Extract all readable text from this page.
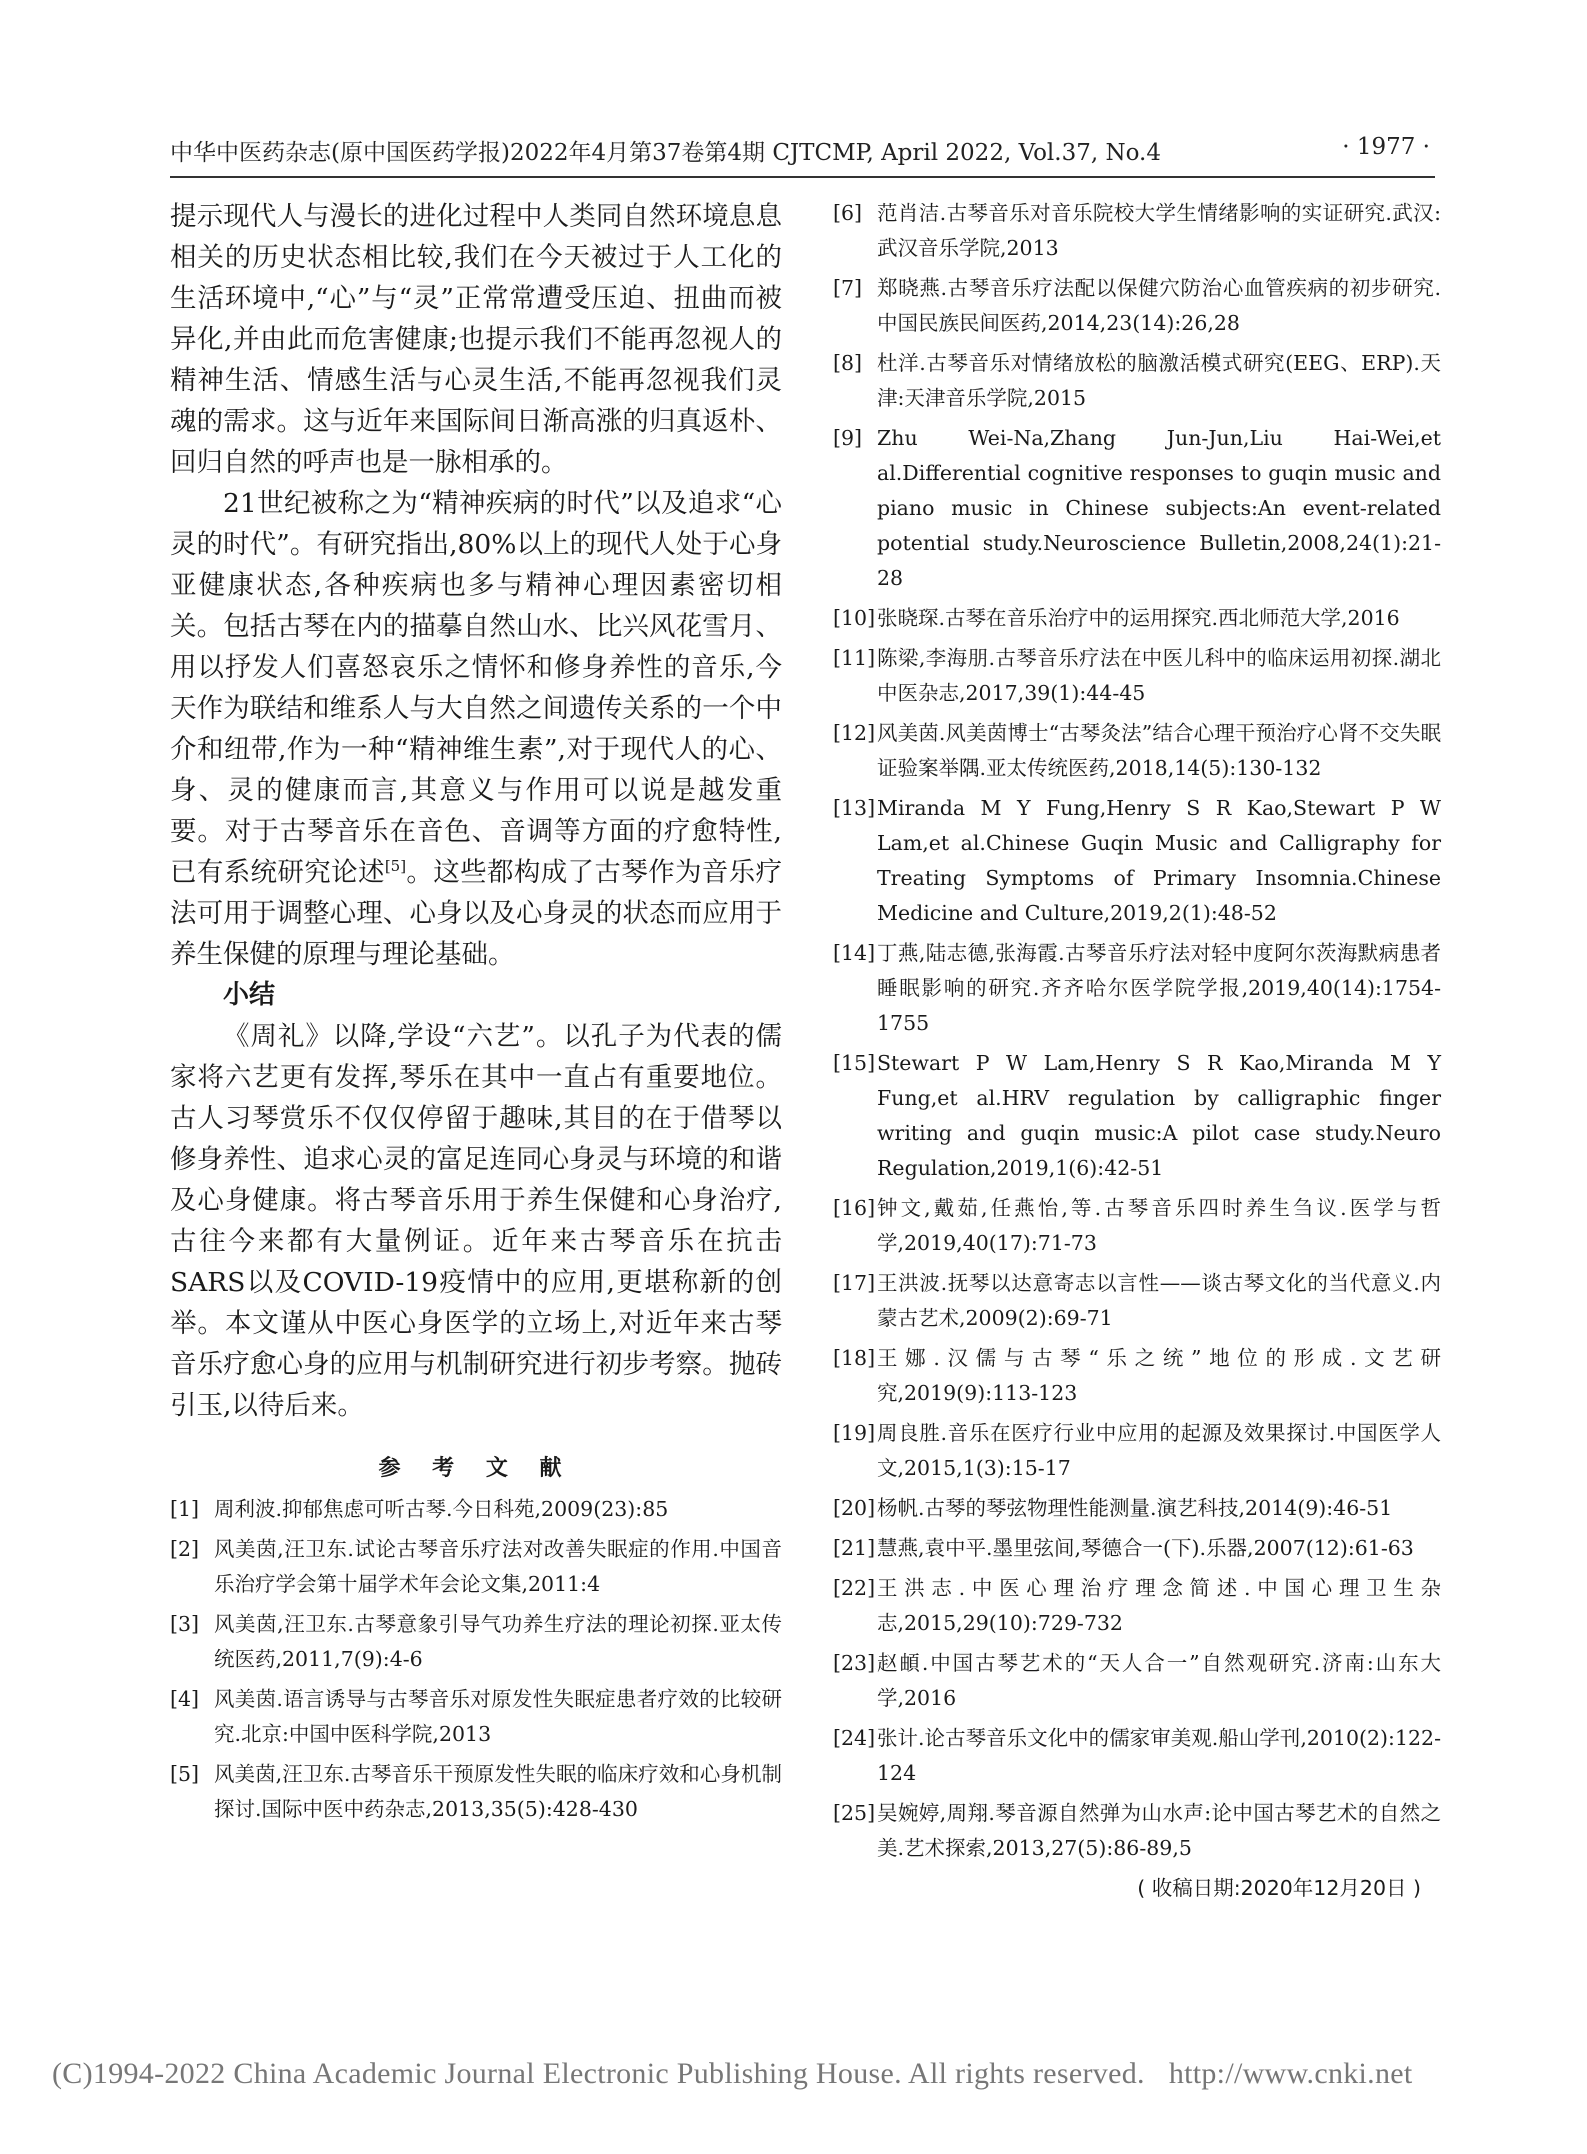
中华中医药杂志(原中国医药学报)2022年4月第37卷第4期 CJTCMP, April 2022, Vol.37, No.4	· 1977 ·

提示现代人与漫长的进化过程中人类同自然环境息息相关的历史状态相比较,我们在今天被过于人工化的生活环境中,“心”与“灵”正常常遭受压迫、扭曲而被异化,并由此而危害健康;也提示我们不能再忽视人的精神生活、情感生活与心灵生活,不能再忽视我们灵魂的需求。这与近年来国际间日渐高涨的归真返朴、回归自然的呼声也是一脉相承的。

21世纪被称之为“精神疾病的时代”以及追求“心灵的时代”。有研究指出,80%以上的现代人处于心身亚健康状态,各种疾病也多与精神心理因素密切相关。包括古琴在内的描摹自然山水、比兴风花雪月、用以抒发人们喜怒哀乐之情怀和修身养性的音乐,今天作为联结和维系人与大自然之间遗传关系的一个中介和纽带,作为一种“精神维生素”,对于现代人的心、身、灵的健康而言,其意义与作用可以说是越发重要。对于古琴音乐在音色、音调等方面的疗愈特性,已有系统研究论述[5]。这些都构成了古琴作为音乐疗法可用于调整心理、心身以及心身灵的状态而应用于养生保健的原理与理论基础。

小结

《周礼》以降,学设“六艺”。以孔子为代表的儒家将六艺更有发挥,琴乐在其中一直占有重要地位。古人习琴赏乐不仅仅停留于趣味,其目的在于借琴以修身养性、追求心灵的富足连同心身灵与环境的和谐及心身健康。将古琴音乐用于养生保健和心身治疗,古往今来都有大量例证。近年来古琴音乐在抗击SARS以及COVID-19疫情中的应用,更堪称新的创举。本文谨从中医心身医学的立场上,对近年来古琴音乐疗愈心身的应用与机制研究进行初步考察。抛砖引玉,以待后来。

参 考 文 献
[1] 周利波.抑郁焦虑可听古琴.今日科苑,2009(23):85
[2] 风美茵,汪卫东.试论古琴音乐疗法对改善失眠症的作用.中国音乐治疗学会第十届学术年会论文集,2011:4
[3] 风美茵,汪卫东.古琴意象引导气功养生疗法的理论初探.亚太传统医药,2011,7(9):4-6
[4] 风美茵.语言诱导与古琴音乐对原发性失眠症患者疗效的比较研究.北京:中国中医科学院,2013
[5] 风美茵,汪卫东.古琴音乐干预原发性失眠的临床疗效和心身机制探讨.国际中医中药杂志,2013,35(5):428-430
[6] 范肖洁.古琴音乐对音乐院校大学生情绪影响的实证研究.武汉:武汉音乐学院,2013
[7] 郑晓燕.古琴音乐疗法配以保健穴防治心血管疾病的初步研究.中国民族民间医药,2014,23(14):26,28
[8] 杜洋.古琴音乐对情绪放松的脑激活模式研究(EEG、ERP).天津:天津音乐学院,2015
[9] Zhu Wei-Na,Zhang Jun-Jun,Liu Hai-Wei,et al.Differential cognitive responses to guqin music and piano music in Chinese subjects:An event-related potential study.Neuroscience Bulletin,2008,24(1):21-28
[10] 张晓琛.古琴在音乐治疗中的运用探究.西北师范大学,2016
[11] 陈梁,李海朋.古琴音乐疗法在中医儿科中的临床运用初探.湖北中医杂志,2017,39(1):44-45
[12] 风美茵.风美茵博士“古琴灸法”结合心理干预治疗心肾不交失眠证验案举隅.亚太传统医药,2018,14(5):130-132
[13] Miranda M Y Fung,Henry S R Kao,Stewart P W Lam,et al.Chinese Guqin Music and Calligraphy for Treating Symptoms of Primary Insomnia.Chinese Medicine and Culture,2019,2(1):48-52
[14] 丁燕,陆志德,张海霞.古琴音乐疗法对轻中度阿尔茨海默病患者睡眠影响的研究.齐齐哈尔医学院学报,2019,40(14):1754-1755
[15] Stewart P W Lam,Henry S R Kao,Miranda M Y Fung,et al.HRV regulation by calligraphic finger writing and guqin music:A pilot case study.Neuro Regulation,2019,1(6):42-51
[16] 钟文,戴茹,任燕怡,等.古琴音乐四时养生刍议.医学与哲学,2019,40(17):71-73
[17] 王洪波.抚琴以达意寄志以言性——谈古琴文化的当代意义.内蒙古艺术,2009(2):69-71
[18] 王娜.汉儒与古琴“乐之统”地位的形成.文艺研究,2019(9):113-123
[19] 周良胜.音乐在医疗行业中应用的起源及效果探讨.中国医学人文,2015,1(3):15-17
[20] 杨帆.古琴的琴弦物理性能测量.演艺科技,2014(9):46-51
[21] 慧燕,袁中平.墨里弦间,琴德合一(下).乐器,2007(12):61-63
[22] 王洪志.中医心理治疗理念简述.中国心理卫生杂志,2015,29(10):729-732
[23] 赵頔.中国古琴艺术的“天人合一”自然观研究.济南:山东大学,2016
[24] 张计.论古琴音乐文化中的儒家审美观.船山学刊,2010(2):122-124
[25] 吴婉婷,周翔.琴音源自然弹为山水声:论中国古琴艺术的自然之美.艺术探索,2013,27(5):86-89,5
( 收稿日期:2020年12月20日 )
(C)1994-2022 China Academic Journal Electronic Publishing House. All rights reserved. http://www.cnki.net
